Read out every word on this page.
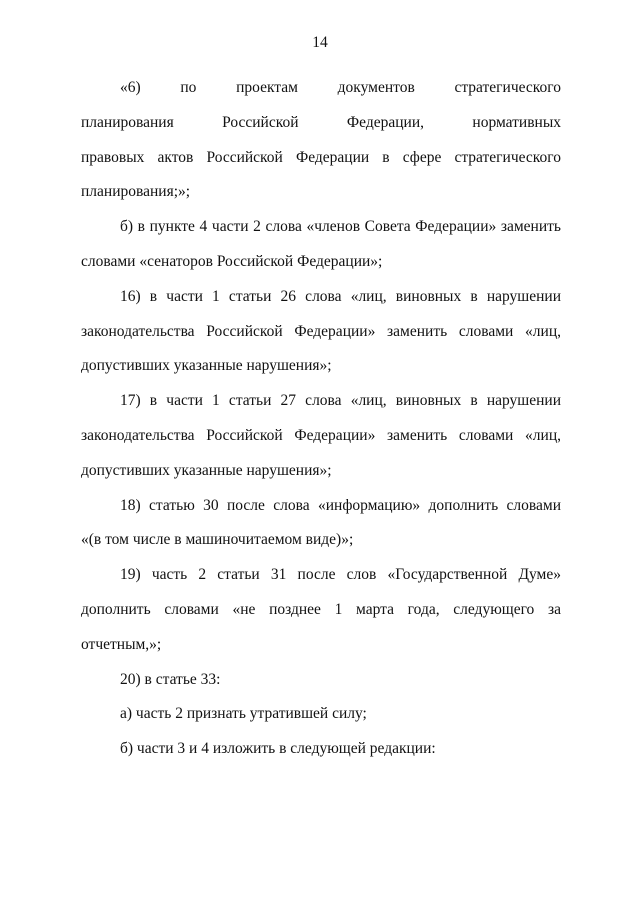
14
«6) по проектам документов стратегического
планирования Российской Федерации, нормативных
правовых актов Российской Федерации в сфере стратегического
планирования;»;
б) в пункте 4 части 2 слова «членов Совета Федерации» заменить
словами «сенаторов Российской Федерации»;
16) в части 1 статьи 26 слова «лиц, виновных в нарушении
законодательства Российской Федерации» заменить словами «лиц,
допустивших указанные нарушения»;
17) в части 1 статьи 27 слова «лиц, виновных в нарушении
законодательства Российской Федерации» заменить словами «лиц,
допустивших указанные нарушения»;
18) статью 30 после слова «информацию» дополнить словами
«(в том числе в машиночитаемом виде)»;
19) часть 2 статьи 31 после слов «Государственной Думе»
дополнить словами «не позднее 1 марта года, следующего за
отчетным,»;
20) в статье 33:
а) часть 2 признать утратившей силу;
б) части 3 и 4 изложить в следующей редакции:
